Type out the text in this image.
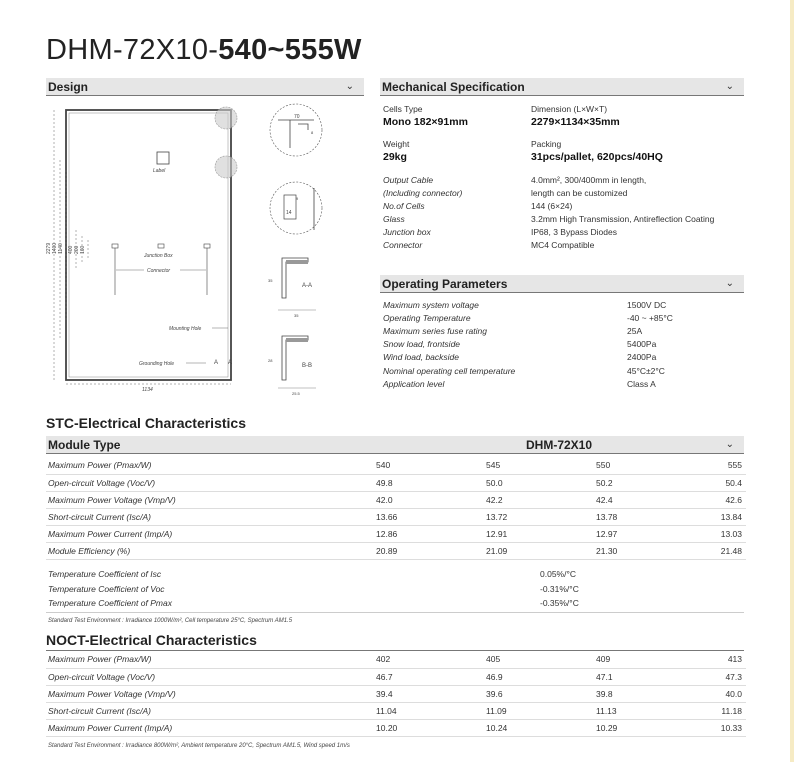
DHM-72X10-540~555W
Design	⌄
2279 1400 1140 400 200 160
Label
Junction Box
Connector
Mounting Hole
Grounding Hole	A A
1134
70
8
14
9
A-A
35
35
B-B
28
25.5
Mechanical Specification	⌄
Cells Type
Mono 182×91mm
Dimension (L×W×T)
2279×1134×35mm
Weight
29kg
Packing
31pcs/pallet, 620pcs/40HQ
Output Cable	4.0mm², 300/400mm in length,
(Including connector)	length can be customized
No.of Cells	144 (6×24)
Glass	3.2mm High Transmission, Antireflection Coating
Junction box	IP68, 3 Bypass Diodes
Connector	MC4 Compatible
Operating Parameters	⌄
Maximum system voltage	1500V DC
Operating Temperature	-40 ~ +85°C
Maximum series fuse rating	25A
Snow load, frontside	5400Pa
Wind load, backside	2400Pa
Nominal operating cell temperature	45°C±2°C
Application level	Class A
STC-Electrical Characteristics
Module Type	DHM-72X10	⌄
Maximum Power (Pmax/W)	540	545	550	555
Open-circuit Voltage (Voc/V)	49.8	50.0	50.2	50.4
Maximum Power Voltage (Vmp/V)	42.0	42.2	42.4	42.6
Short-circuit Current (Isc/A)	13.66	13.72	13.78	13.84
Maximum Power Current (Imp/A)	12.86	12.91	12.97	13.03
Module Efficiency (%)	20.89	21.09	21.30	21.48
Temperature Coefficient of Isc	0.05%/°C
Temperature Coefficient of Voc	-0.31%/°C
Temperature Coefficient of Pmax	-0.35%/°C
Standard Test Environment : Irradiance 1000W/m², Cell temperature 25°C, Spectrum AM1.5
NOCT-Electrical Characteristics
Maximum Power (Pmax/W)	402	405	409	413
Open-circuit Voltage (Voc/V)	46.7	46.9	47.1	47.3
Maximum Power Voltage (Vmp/V)	39.4	39.6	39.8	40.0
Short-circuit Current (Isc/A)	11.04	11.09	11.13	11.18
Maximum Power Current (Imp/A)	10.20	10.24	10.29	10.33
Standard Test Environment : Irradiance 800W/m², Ambient temperature 20°C, Spectrum AM1.5, Wind speed 1m/s
